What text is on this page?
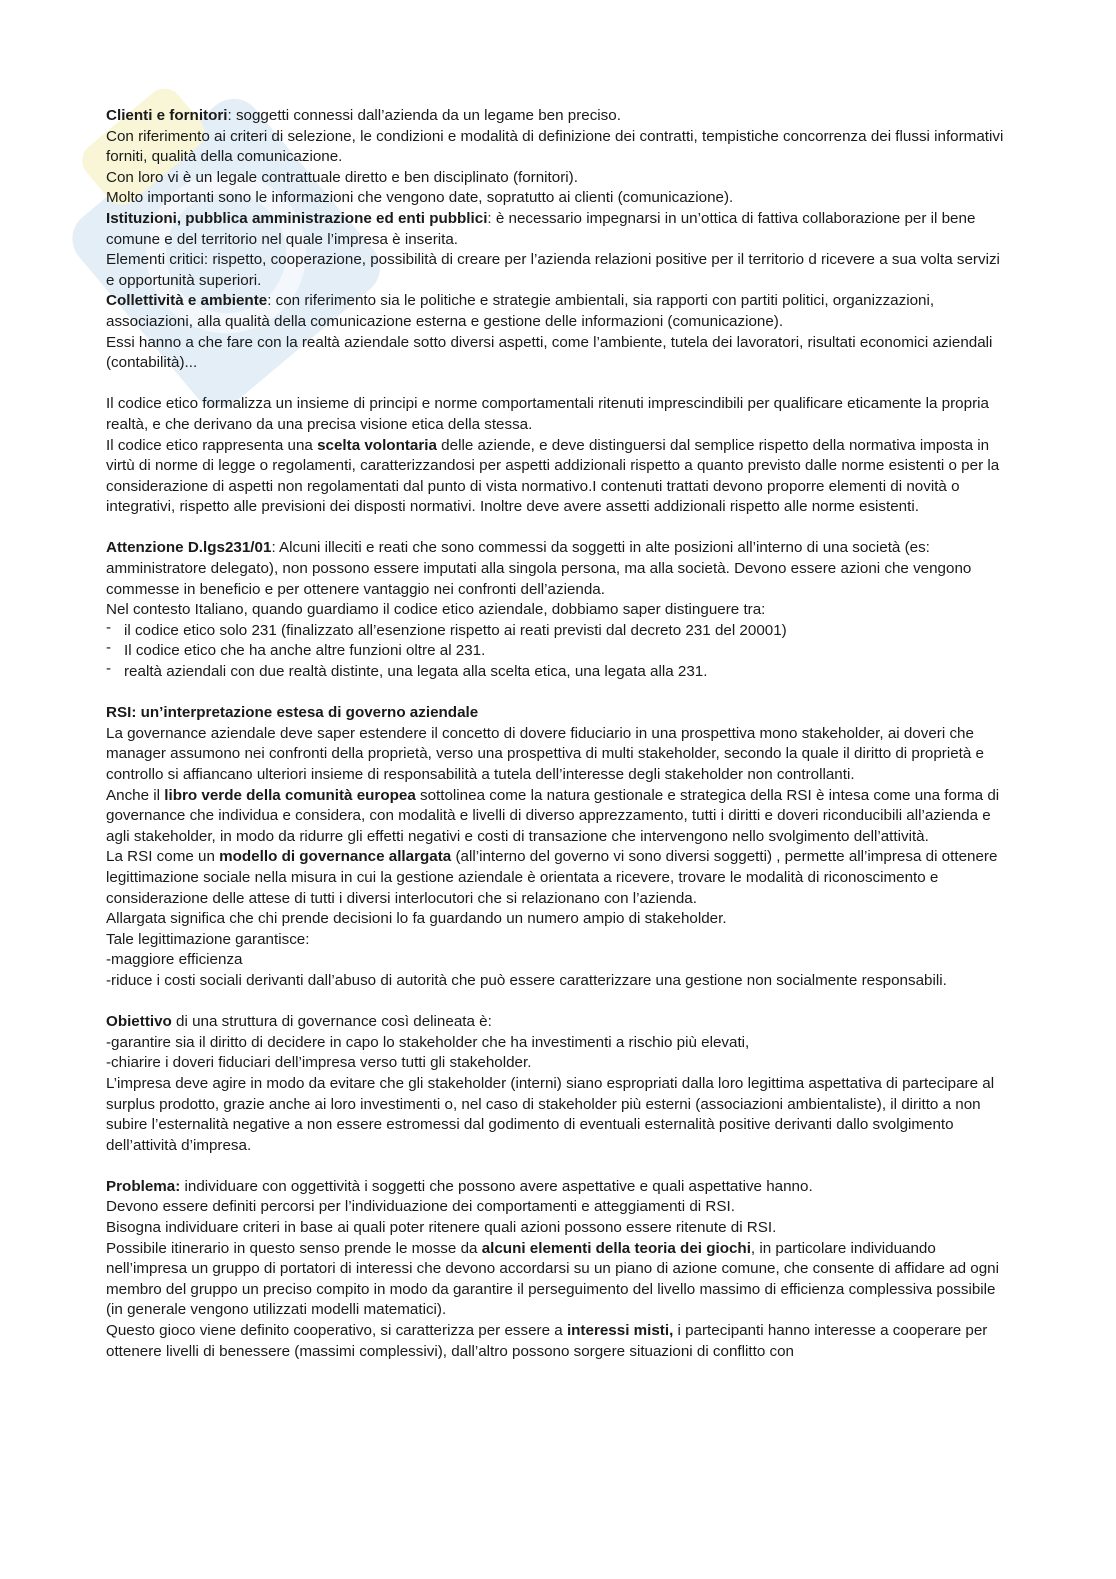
Clienti e fornitori: soggetti connessi dall’azienda da un legame ben preciso.

Con riferimento ai criteri di selezione, le condizioni e modalità di definizione dei contratti, tempistiche concorrenza dei flussi informativi forniti, qualità della comunicazione.

Con loro vi è un legale contrattuale diretto e ben disciplinato (fornitori).

Molto importanti sono le informazioni che vengono date, sopratutto ai clienti (comunicazione).

Istituzioni, pubblica amministrazione ed enti pubblici: è necessario impegnarsi in un’ottica di fattiva collaborazione per il bene comune e del territorio nel quale l’impresa è inserita.

Elementi critici: rispetto, cooperazione, possibilità di creare per l’azienda relazioni positive per il territorio d ricevere a sua volta servizi e opportunità superiori.

Collettività e ambiente: con riferimento sia le politiche e strategie ambientali, sia rapporti con partiti politici, organizzazioni, associazioni, alla qualità della comunicazione esterna e gestione delle informazioni (comunicazione).

Essi hanno a che fare con la realtà aziendale sotto diversi aspetti, come l’ambiente, tutela dei lavoratori, risultati economici aziendali (contabilità)...

Il codice etico formalizza un insieme di principi e norme comportamentali ritenuti imprescindibili per qualificare eticamente la propria realtà, e che derivano da una precisa visione etica della stessa.

Il codice etico rappresenta una scelta volontaria delle aziende, e deve distinguersi dal semplice rispetto della normativa imposta in virtù di norme di legge o regolamenti, caratterizzandosi per aspetti addizionali rispetto a quanto previsto dalle norme esistenti o per la considerazione di aspetti non regolamentati dal punto di vista normativo.I contenuti trattati devono proporre elementi di novità o integrativi, rispetto alle previsioni dei disposti normativi. Inoltre deve avere assetti addizionali rispetto alle norme esistenti.

Attenzione D.lgs231/01: Alcuni illeciti e reati che sono commessi da soggetti in alte posizioni all’interno di una società (es: amministratore delegato), non possono essere imputati alla singola persona, ma alla società. Devono essere azioni che vengono commesse in beneficio e per ottenere vantaggio nei confronti dell’azienda.

Nel contesto Italiano, quando guardiamo il codice etico aziendale, dobbiamo saper distinguere tra:

- il codice etico solo 231 (finalizzato all’esenzione rispetto ai reati previsti dal decreto 231 del 20001)
- Il codice etico che ha anche altre funzioni oltre al 231.
- realtà aziendali con due realtà distinte, una legata alla scelta etica, una legata alla 231.

RSI: un’interpretazione estesa di governo aziendale

La governance aziendale deve saper estendere il concetto di dovere fiduciario in una prospettiva mono stakeholder, ai doveri che manager assumono nei confronti della proprietà, verso una prospettiva di multi stakeholder, secondo la quale il diritto di proprietà e controllo si affiancano ulteriori insieme di responsabilità a tutela dell’interesse degli stakeholder non controllanti.

Anche il libro verde della comunità europea sottolinea come la natura gestionale e strategica della RSI è intesa come una forma di governance che individua e considera, con modalità e livelli di diverso apprezzamento, tutti i diritti e doveri riconducibili all’azienda e agli stakeholder, in modo da ridurre gli effetti negativi e costi di transazione che intervengono nello svolgimento dell’attività.

La RSI come un modello di governance allargata (all’interno del governo vi sono diversi soggetti) , permette all’impresa di ottenere legittimazione sociale nella misura in cui la gestione aziendale è orientata a ricevere, trovare le modalità di riconoscimento e considerazione delle attese di tutti i diversi interlocutori che si relazionano con l’azienda.

Allargata significa che chi prende decisioni lo fa guardando un numero ampio di stakeholder.

Tale legittimazione garantisce:

-maggiore efficienza

-riduce i costi sociali derivanti dall’abuso di autorità che può essere caratterizzare una gestione non socialmente responsabili.

Obiettivo di una struttura di governance così delineata è:

-garantire sia il diritto di decidere in capo lo stakeholder che ha investimenti a rischio più elevati,

-chiarire i doveri fiduciari dell’impresa verso tutti gli stakeholder.

L’impresa deve agire in modo da evitare che gli stakeholder (interni) siano espropriati dalla loro legittima aspettativa di partecipare al surplus prodotto, grazie anche ai loro investimenti o, nel caso di stakeholder più esterni (associazioni ambientaliste), il diritto a non subire l’esternalità negative a non essere estromessi dal godimento di eventuali esternalità positive derivanti dallo svolgimento dell’attività d’impresa.

Problema: individuare con oggettività i soggetti che possono avere aspettative e quali aspettative hanno.

Devono essere definiti percorsi per l’individuazione dei comportamenti e atteggiamenti di RSI.

Bisogna individuare criteri in base ai quali poter ritenere quali azioni possono essere ritenute di RSI.

Possibile itinerario in questo senso prende le mosse da alcuni elementi della teoria dei giochi, in particolare individuando nell’impresa un gruppo di portatori di interessi che devono accordarsi su un piano di azione comune, che consente di affidare ad ogni membro del gruppo un preciso compito in modo da garantire il perseguimento del livello massimo di efficienza complessiva possibile (in generale vengono utilizzati modelli matematici).

Questo gioco viene definito cooperativo, si caratterizza per essere a interessi misti, i partecipanti hanno interesse a cooperare per ottenere livelli di benessere (massimi complessivi), dall’altro possono sorgere situazioni di conflitto con
